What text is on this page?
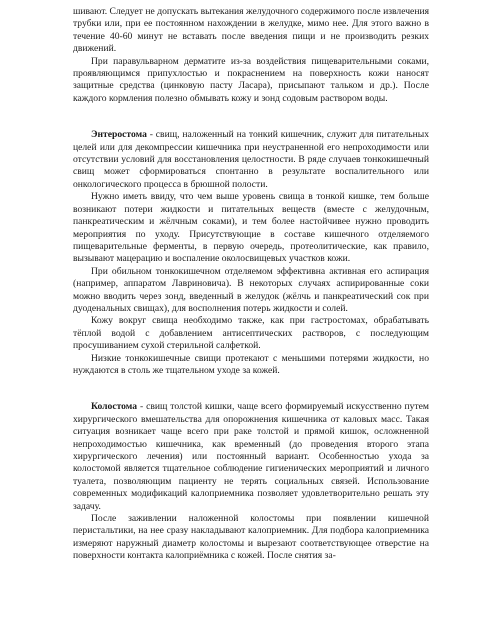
шивают. Следует не допускать вытекания желудочного содержимого после извлечения трубки или, при ее постоянном нахождении в желудке, мимо нее. Для этого важно в течение 40-60 минут не вставать после введения пищи и не производить резких движений.

При паравульварном дерматите из-за воздействия пищеварительными соками, проявляющимся припухлостью и покраснением на поверхность кожи наносят защитные средства (цинковую пасту Ласара), присыпают тальком и др.). После каждого кормления полезно обмывать кожу и зонд содовым раствором воды.

Энтеростома - свищ, наложенный на тонкий кишечник, служит для питательных целей или для декомпрессии кишечника при неустраненной его непроходимости или отсутствии условий для восстановления целостности. В ряде случаев тонкокишечный свищ может сформироваться спонтанно в результате воспалительного или онкологического процесса в брюшной полости.

Нужно иметь ввиду, что чем выше уровень свища в тонкой кишке, тем больше возникают потери жидкости и питательных веществ (вместе с желудочным, панкреатическим и жёлчным соками), и тем более настойчивее нужно проводить мероприятия по уходу. Присутствующие в составе кишечного отделяемого пищеварительные ферменты, в первую очередь, протеолитические, как правило, вызывают мацерацию и воспаление околосвищевых участков кожи.

При обильном тонкокишечном отделяемом эффективна активная его аспирация (например, аппаратом Лавриновича). В некоторых случаях аспирированные соки можно вводить через зонд, введенный в желудок (жёлчь и панкреатический сок при дуоденальных свищах), для восполнения потерь жидкости и солей.

Кожу вокруг свища необходимо также, как при гастростомах, обрабатывать тёплой водой с добавлением антисептических растворов, с последующим просушиванием сухой стерильной салфеткой.

Низкие тонкокишечные свищи протекают с меньшими потерями жидкости, но нуждаются в столь же тщательном уходе за кожей.

Колостома - свищ толстой кишки, чаще всего формируемый искусственно путем хирургического вмешательства для опорожнения кишечника от каловых масс. Такая ситуация возникает чаще всего при раке толстой и прямой кишок, осложненной непроходимостью кишечника, как временный (до проведения второго этапа хирургического лечения) или постоянный вариант. Особенностью ухода за колостомой является тщательное соблюдение гигиенических мероприятий и личного туалета, позволяющим пациенту не терять социальных связей. Использование современных модификаций калоприемника позволяет удовлетворительно решать эту задачу.

После заживлении наложенной колостомы при появлении кишечной перистальтики, на нее сразу накладывают калоприемник. Для подбора калоприемника измеряют наружный диаметр колостомы и вырезают соответствующее отверстие на поверхности контакта калоприёмника с кожей. После снятия за-
